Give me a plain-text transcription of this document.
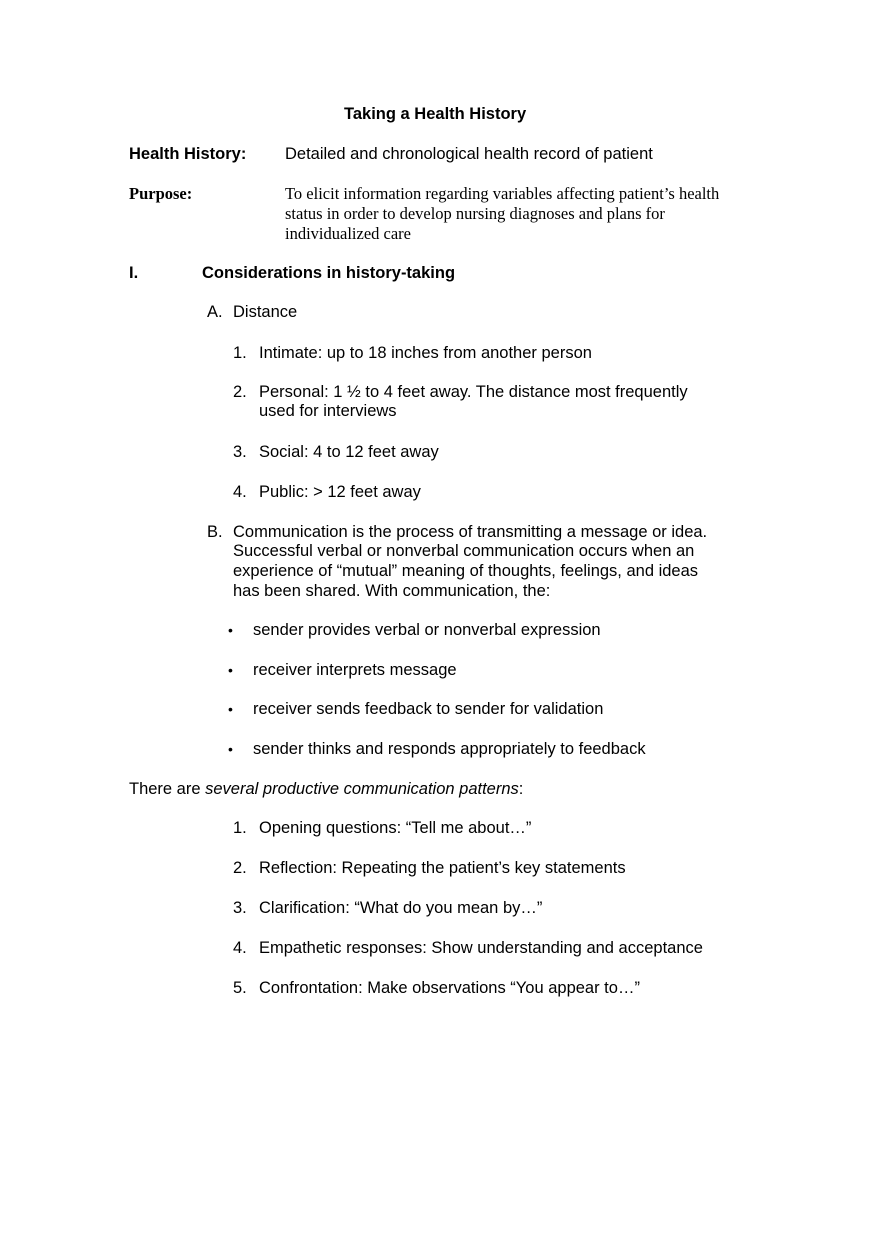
Taking a Health History
Health History: Detailed and chronological health record of patient
Purpose:	To elicit information regarding variables affecting patient’s health
status in order to develop nursing diagnoses and plans for
individualized care
I.	Considerations in history-taking
A. Distance
1. Intimate: up to 18 inches from another person
2. Personal: 1 ½ to 4 feet away. The distance most frequently
used for interviews
3. Social: 4 to 12 feet away
4. Public: > 12 feet away
B. Communication is the process of transmitting a message or idea.
Successful verbal or nonverbal communication occurs when an
experience of “mutual” meaning of thoughts, feelings, and ideas
has been shared. With communication, the:
• sender provides verbal or nonverbal expression
• receiver interprets message
• receiver sends feedback to sender for validation
• sender thinks and responds appropriately to feedback
There are several productive communication patterns:
1. Opening questions: “Tell me about…”
2. Reflection: Repeating the patient’s key statements
3. Clarification: “What do you mean by…”
4. Empathetic responses: Show understanding and acceptance
5. Confrontation: Make observations “You appear to…”
